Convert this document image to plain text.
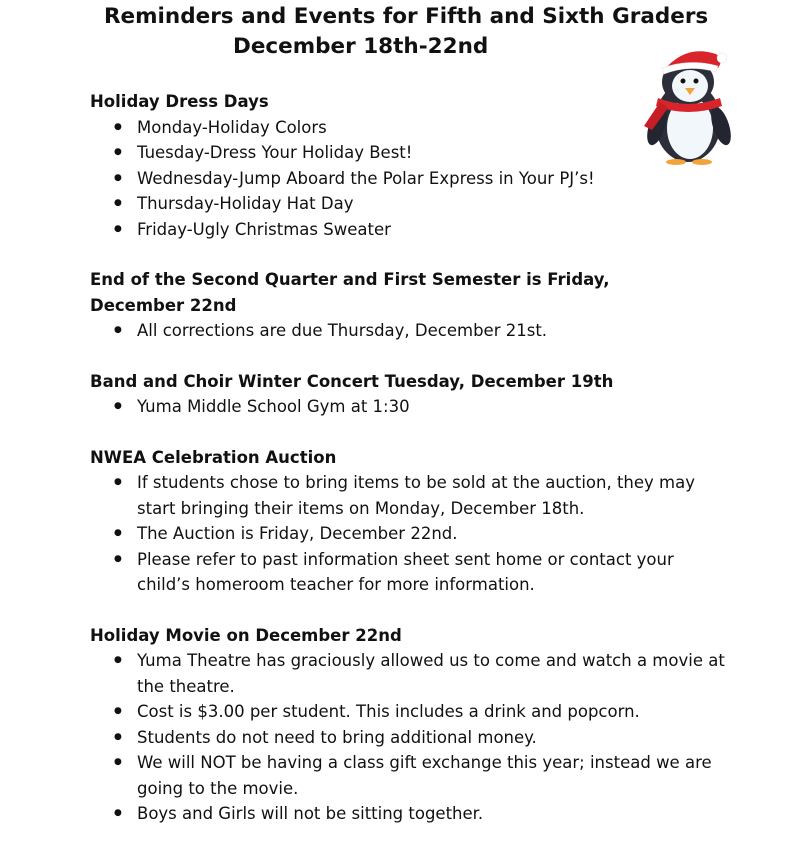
Reminders and Events for Fifth and Sixth Graders
December 18th-22nd
Holiday Dress Days
● Monday-Holiday Colors
● Tuesday-Dress Your Holiday Best!
● Wednesday-Jump Aboard the Polar Express in Your PJ’s!
● Thursday-Holiday Hat Day
● Friday-Ugly Christmas Sweater
End of the Second Quarter and First Semester is Friday, December 22nd
● All corrections are due Thursday, December 21st.
Band and Choir Winter Concert Tuesday, December 19th
● Yuma Middle School Gym at 1:30
NWEA Celebration Auction
● If students chose to bring items to be sold at the auction, they may start bringing their items on Monday, December 18th.
● The Auction is Friday, December 22nd.
● Please refer to past information sheet sent home or contact your child’s homeroom teacher for more information.
Holiday Movie on December 22nd
● Yuma Theatre has graciously allowed us to come and watch a movie at the theatre.
● Cost is $3.00 per student. This includes a drink and popcorn.
● Students do not need to bring additional money.
● We will NOT be having a class gift exchange this year; instead we are going to the movie.
● Boys and Girls will not be sitting together.
